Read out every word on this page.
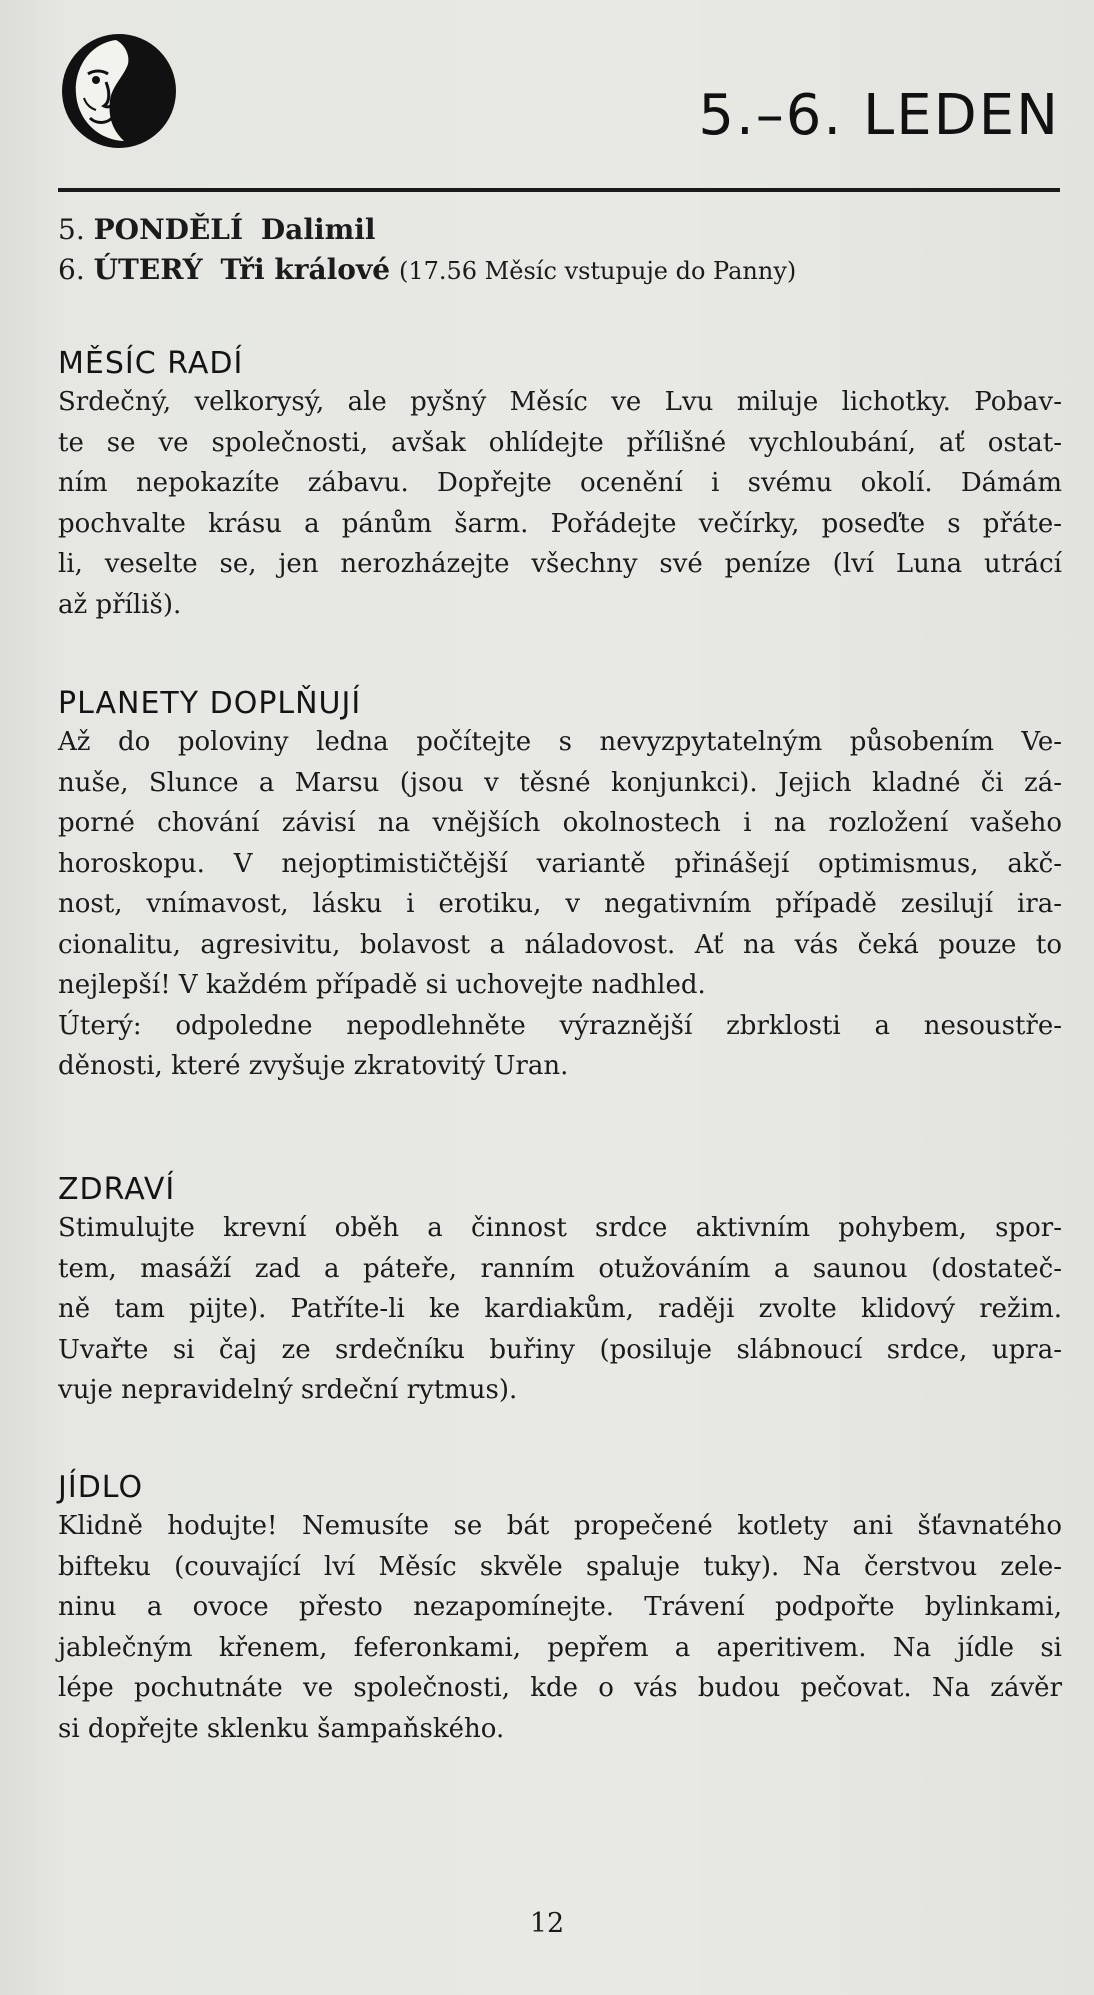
5.–6. LEDEN
5. PONDĚLÍ Dalimil
6. ÚTERÝ Tři králové (17.56 Měsíc vstupuje do Panny)
MĚSÍC RADÍ
Srdečný, velkorysý, ale pyšný Měsíc ve Lvu miluje lichotky. Pobav-
te se ve společnosti, avšak ohlídejte přílišné vychloubání, ať ostat-
ním nepokazíte zábavu. Dopřejte ocenění i svému okolí. Dámám
pochvalte krásu a pánům šarm. Pořádejte večírky, poseďte s přáte-
li, veselte se, jen nerozházejte všechny své peníze (lví Luna utrácí
až příliš).
PLANETY DOPLŇUJÍ
Až do poloviny ledna počítejte s nevyzpytatelným působením Ve-
nuše, Slunce a Marsu (jsou v těsné konjunkci). Jejich kladné či zá-
porné chování závisí na vnějších okolnostech i na rozložení vašeho
horoskopu. V nejoptimističtější variantě přinášejí optimismus, akč-
nost, vnímavost, lásku i erotiku, v negativním případě zesilují ira-
cionalitu, agresivitu, bolavost a náladovost. Ať na vás čeká pouze to
nejlepší! V každém případě si uchovejte nadhled.
Úterý: odpoledne nepodlehněte výraznější zbrklosti a nesoustře-
děnosti, které zvyšuje zkratovitý Uran.
ZDRAVÍ
Stimulujte krevní oběh a činnost srdce aktivním pohybem, spor-
tem, masáží zad a páteře, ranním otužováním a saunou (dostateč-
ně tam pijte). Patříte-li ke kardiakům, raději zvolte klidový režim.
Uvařte si čaj ze srdečníku buřiny (posiluje slábnoucí srdce, upra-
vuje nepravidelný srdeční rytmus).
JÍDLO
Klidně hodujte! Nemusíte se bát propečené kotlety ani šťavnatého
bifteku (couvající lví Měsíc skvěle spaluje tuky). Na čerstvou zele-
ninu a ovoce přesto nezapomínejte. Trávení podpořte bylinkami,
jablečným křenem, feferonkami, pepřem a aperitivem. Na jídle si
lépe pochutnáte ve společnosti, kde o vás budou pečovat. Na závěr
si dopřejte sklenku šampaňského.
12
